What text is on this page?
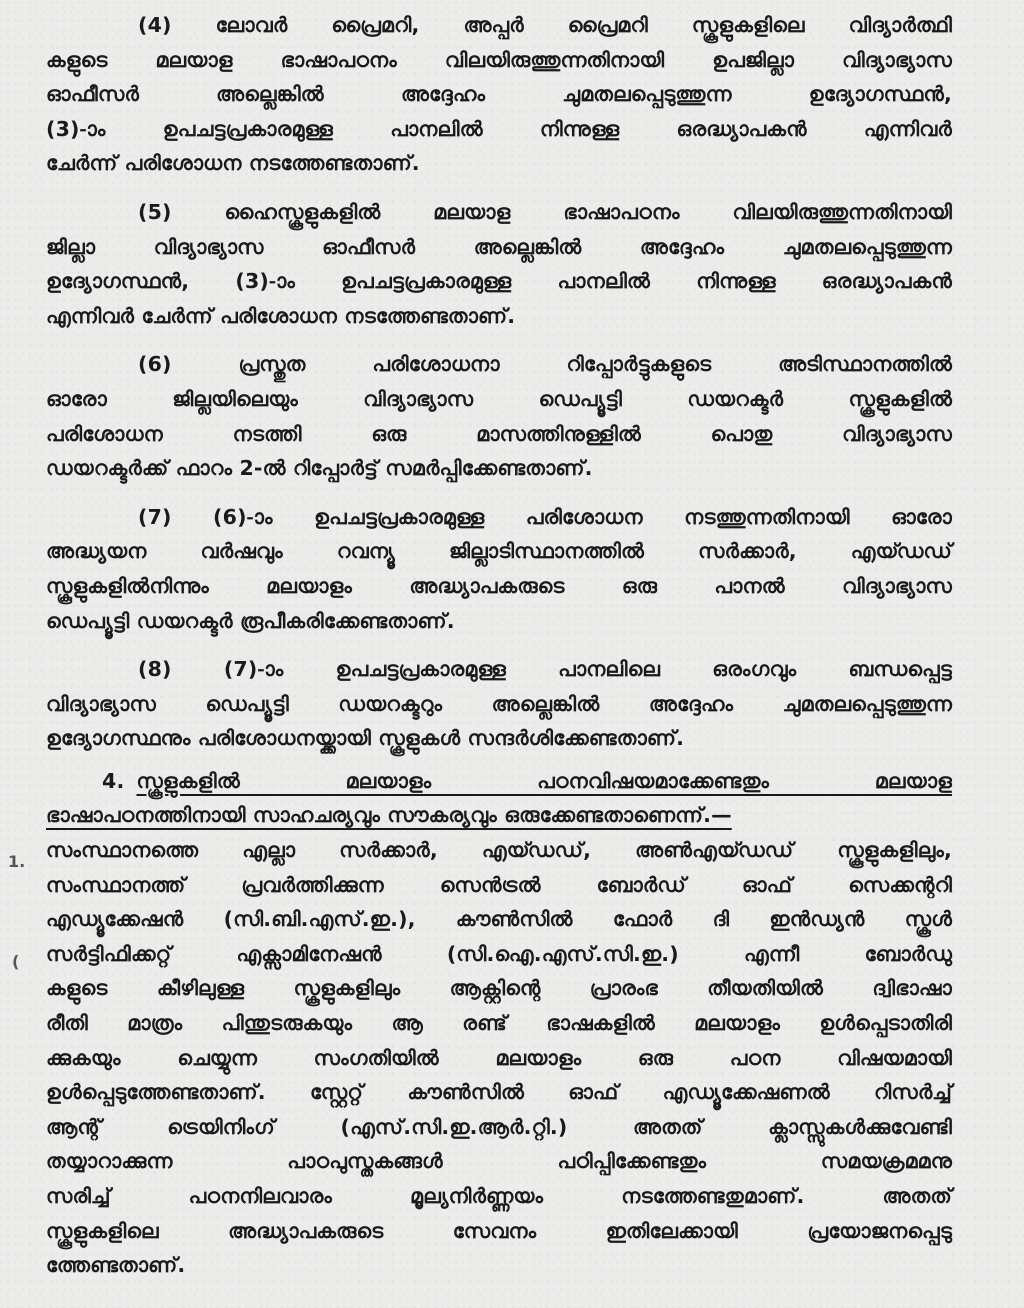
(4) ലോവർ പ്രൈമറി, അപ്പർ പ്രൈമറി സ്കൂളുകളിലെ വിദ്യാർത്ഥി
കളുടെ മലയാള ഭാഷാപഠനം വിലയിരുത്തുന്നതിനായി ഉപജില്ലാ വിദ്യാഭ്യാസ
ഓഫീസർ അല്ലെങ്കിൽ അദ്ദേഹം ചുമതലപ്പെടുത്തുന്ന ഉദ്യോഗസ്ഥൻ,
(3)-ാം ഉപചട്ടപ്രകാരമുള്ള പാനലിൽ നിന്നുള്ള ഒരദ്ധ്യാപകൻ എന്നിവർ
ചേർന്ന് പരിശോധന നടത്തേണ്ടതാണ്.

(5) ഹൈസ്കൂളുകളിൽ മലയാള ഭാഷാപഠനം വിലയിരുത്തുന്നതിനായി
ജില്ലാ വിദ്യാഭ്യാസ ഓഫീസർ അല്ലെങ്കിൽ അദ്ദേഹം ചുമതലപ്പെടുത്തുന്ന
ഉദ്യോഗസ്ഥൻ, (3)-ാം ഉപചട്ടപ്രകാരമുള്ള പാനലിൽ നിന്നുള്ള ഒരദ്ധ്യാപകൻ
എന്നിവർ ചേർന്ന് പരിശോധന നടത്തേണ്ടതാണ്.

(6) പ്രസ്തുത പരിശോധനാ റിപ്പോർട്ടുകളുടെ അടിസ്ഥാനത്തിൽ
ഓരോ ജില്ലയിലെയും വിദ്യാഭ്യാസ ഡെപ്യൂട്ടി ഡയറക്ടർ സ്കൂളുകളിൽ
പരിശോധന നടത്തി ഒരു മാസത്തിനുള്ളിൽ പൊതു വിദ്യാഭ്യാസ
ഡയറക്ടർക്ക് ഫാറം 2-ൽ റിപ്പോർട്ട് സമർപ്പിക്കേണ്ടതാണ്.

(7) (6)-ാം ഉപചട്ടപ്രകാരമുള്ള പരിശോധന നടത്തുന്നതിനായി ഓരോ
അദ്ധ്യയന വർഷവും റവന്യൂ ജില്ലാടിസ്ഥാനത്തിൽ സർക്കാർ, എയ്ഡഡ്
സ്കൂളുകളിൽനിന്നും മലയാളം അദ്ധ്യാപകരുടെ ഒരു പാനൽ വിദ്യാഭ്യാസ
ഡെപ്യൂട്ടി ഡയറക്ടർ രൂപീകരിക്കേണ്ടതാണ്.

(8) (7)-ാം ഉപചട്ടപ്രകാരമുള്ള പാനലിലെ ഒരംഗവും ബന്ധപ്പെട്ട
വിദ്യാഭ്യാസ ഡെപ്യൂട്ടി ഡയറക്ടറും അല്ലെങ്കിൽ അദ്ദേഹം ചുമതലപ്പെടുത്തുന്ന
ഉദ്യോഗസ്ഥനും പരിശോധനയ്ക്കായി സ്കൂളുകൾ സന്ദർശിക്കേണ്ടതാണ്.

4. സ്കൂളുകളിൽ മലയാളം പഠനവിഷയമാക്കേണ്ടതും മലയാള
ഭാഷാപഠനത്തിനായി സാഹചര്യവും സൗകര്യവും ഒരുക്കേണ്ടതാണെന്ന്.—

സംസ്ഥാനത്തെ എല്ലാ സർക്കാർ, എയ്ഡഡ്, അൺഎയ്ഡഡ് സ്കൂളുകളിലും,
സംസ്ഥാനത്ത് പ്രവർത്തിക്കുന്ന സെൻട്രൽ ബോർഡ് ഓഫ് സെക്കന്ററി
എഡ്യൂക്കേഷൻ (സി.ബി.എസ്.ഇ.), കൗൺസിൽ ഫോർ ദി ഇൻഡ്യൻ സ്കൂൾ
സർട്ടിഫിക്കറ്റ് എക്സാമിനേഷൻ (സി.ഐ.എസ്.സി.ഇ.) എന്നീ ബോർഡു
കളുടെ കീഴിലുള്ള സ്കൂളുകളിലും ആക്റ്റിന്റെ പ്രാരംഭ തീയതിയിൽ ദ്വിഭാഷാ
രീതി മാത്രം പിന്തുടരുകയും ആ രണ്ട് ഭാഷകളിൽ മലയാളം ഉൾപ്പെടാതിരി
ക്കുകയും ചെയ്യുന്ന സംഗതിയിൽ മലയാളം ഒരു പഠന വിഷയമായി
ഉൾപ്പെടുത്തേണ്ടതാണ്. സ്റ്റേറ്റ് കൗൺസിൽ ഓഫ് എഡ്യൂക്കേഷണൽ റിസർച്ച്
ആന്റ് ട്രെയിനിംഗ് (എസ്.സി.ഇ.ആർ.റ്റി.) അതത് ക്ലാസ്സുകൾക്കുവേണ്ടി
തയ്യാറാക്കുന്ന പാഠപുസ്തകങ്ങൾ പഠിപ്പിക്കേണ്ടതും സമയക്രമമനു
സരിച്ച് പഠനനിലവാരം മൂല്യനിർണ്ണയം നടത്തേണ്ടതുമാണ്. അതത്
സ്കൂളുകളിലെ അദ്ധ്യാപകരുടെ സേവനം ഇതിലേക്കായി പ്രയോജനപ്പെടു
ത്തേണ്ടതാണ്.

1.
(
